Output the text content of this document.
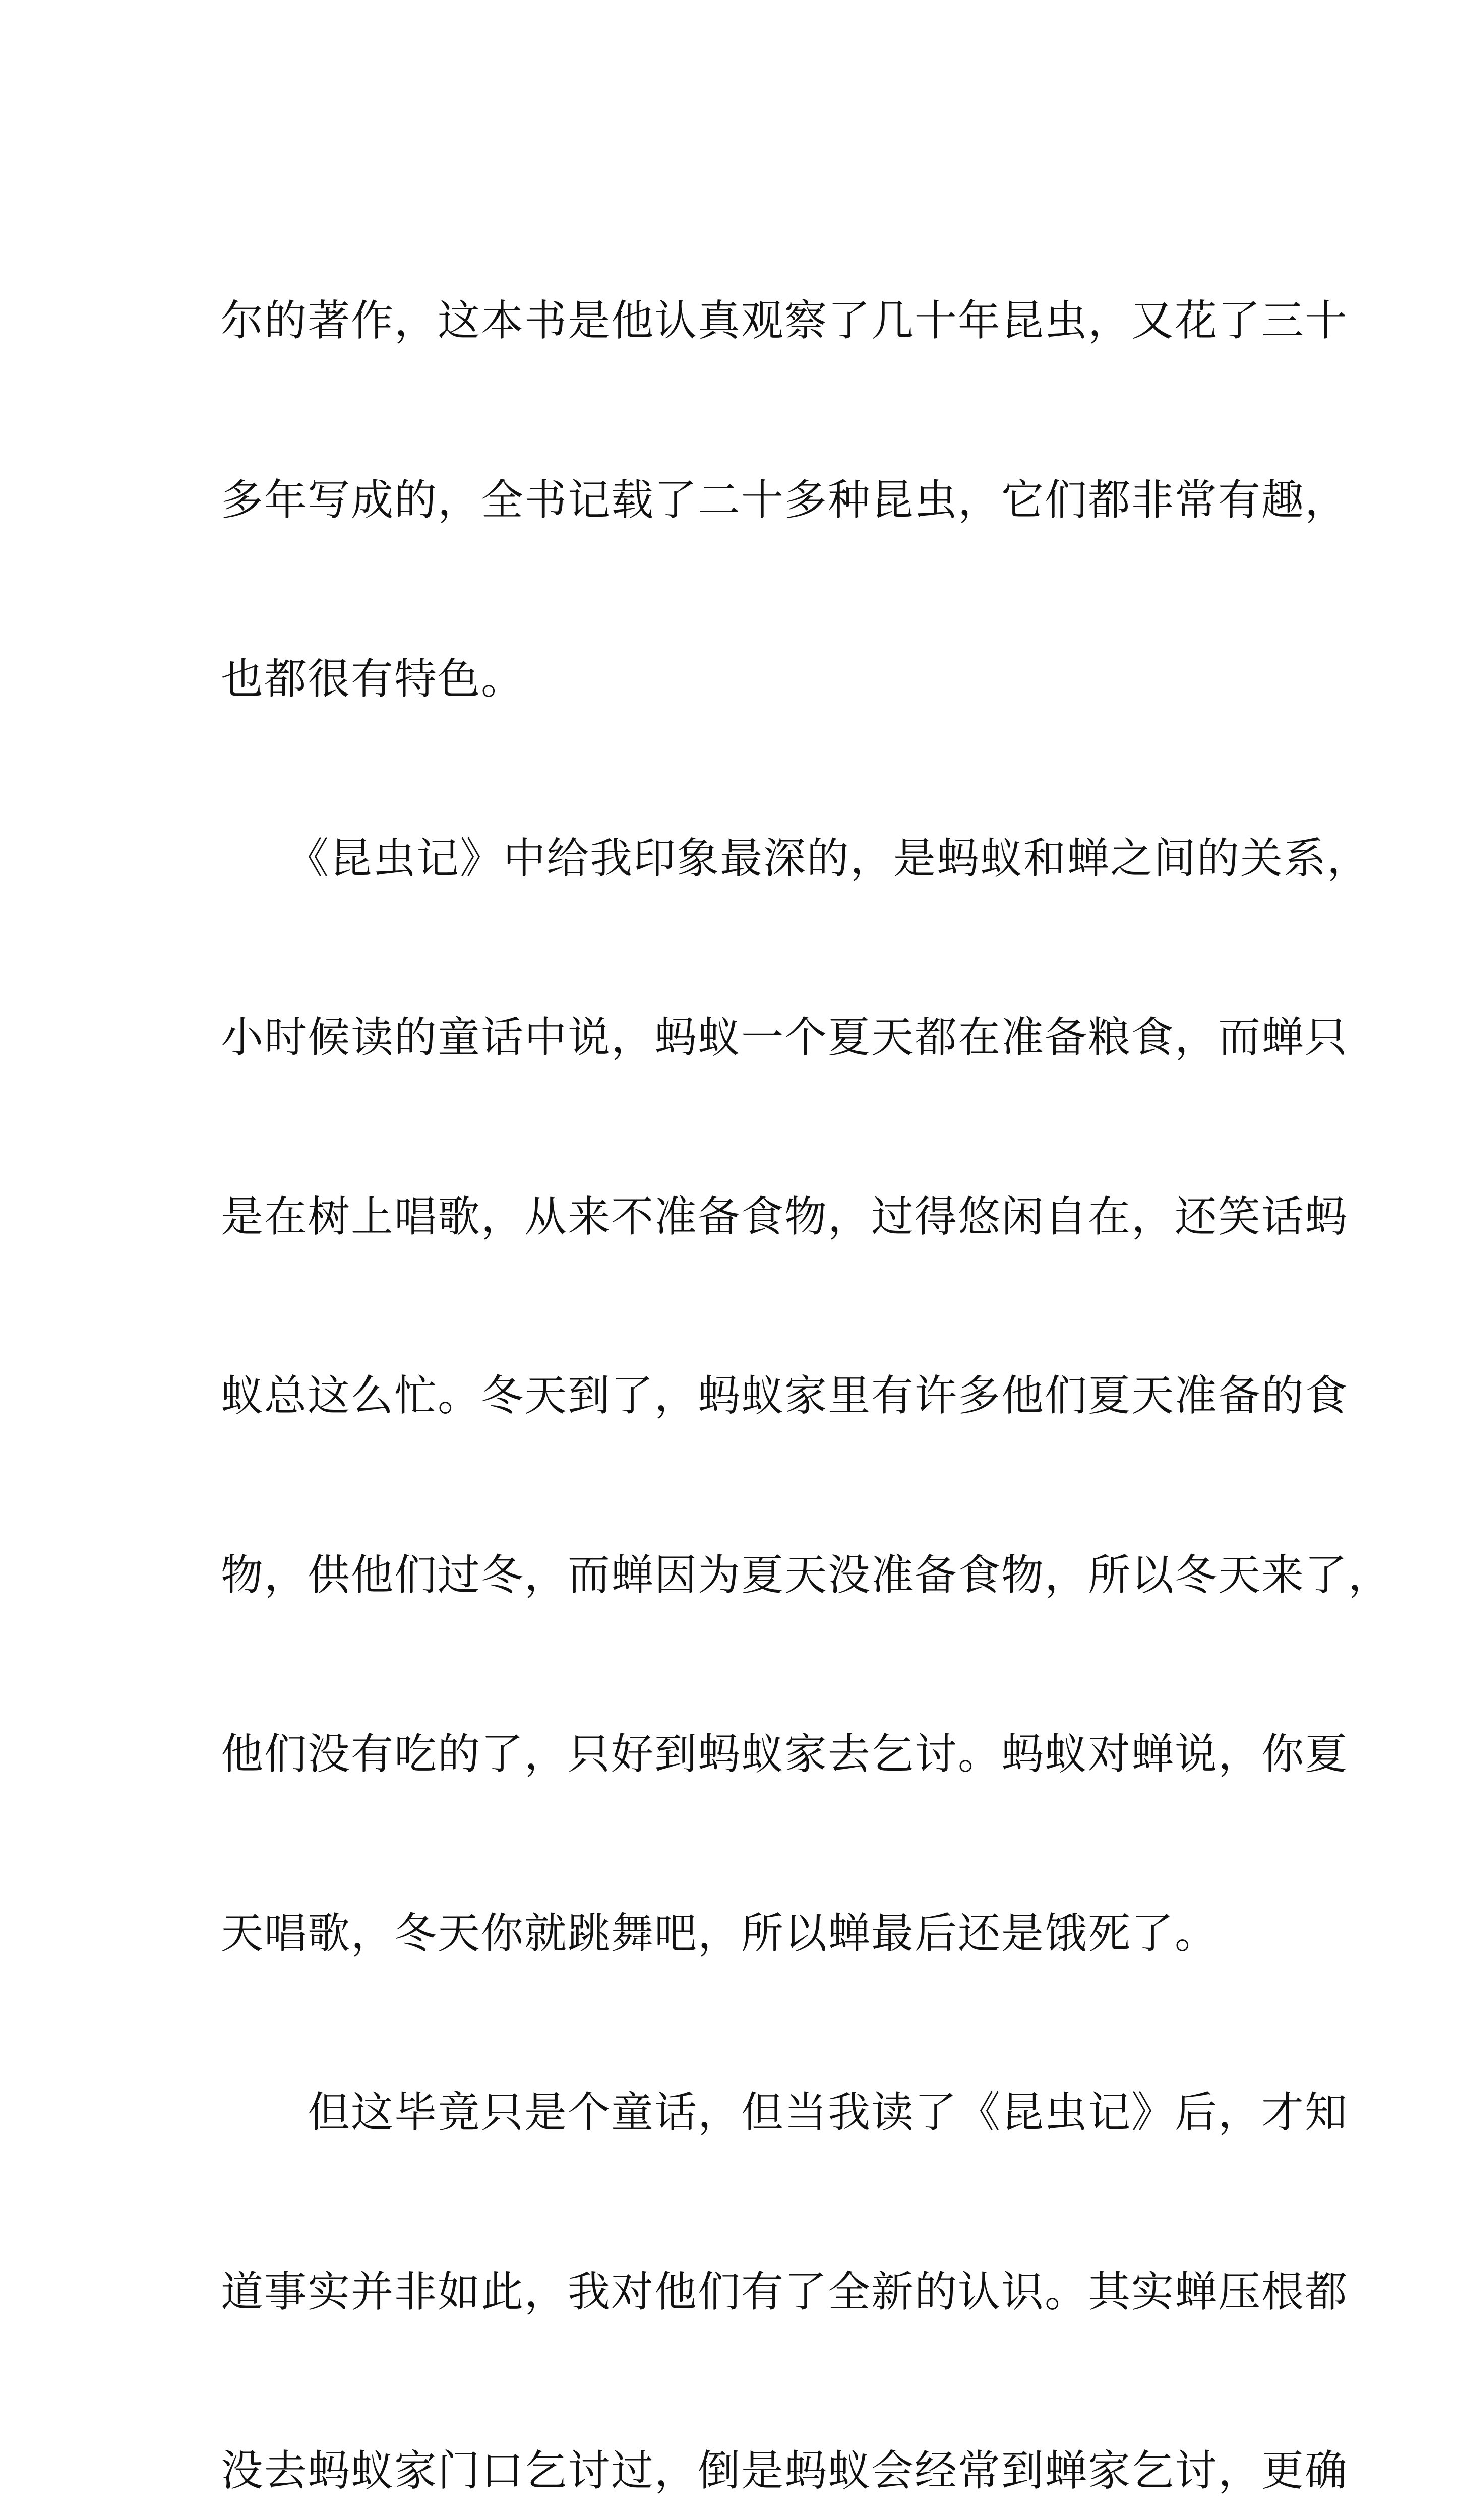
尔的著作，这本书是他认真观察了几十年昆虫，又花了三十

多年写成的，全书记载了二十多种昆虫，它们都非常有趣，

也都很有特色。

　　《昆虫记》中给我印象最深的，是蚂蚁和蝉之间的关系，

小时候读的童话中说，蚂蚁一个夏天都在准备粮食，而蝉只

是在树上唱歌，从来不准备食物，过得悠闲自在，还笑话蚂

蚁总这么忙。冬天到了，蚂蚁家里有许多他们夏天准备的食

物，供他们过冬，而蝉因为夏天没准备食物，所以冬天来了，

他们没有吃的了，只好到蚂蚁家去乞讨。蚂蚁对蝉说，你夏

天唱歌，冬天你就跳舞吧，所以蝉最后还是饿死了。

　　但这毕竟只是个童话，但当我读了《昆虫记》后，才知

道事实并非如此，我对他们有了全新的认识。其实蝉压根都

没去蚂蚁家门口乞讨过，倒是蚂蚁会经常到蝉家乞讨，更确
